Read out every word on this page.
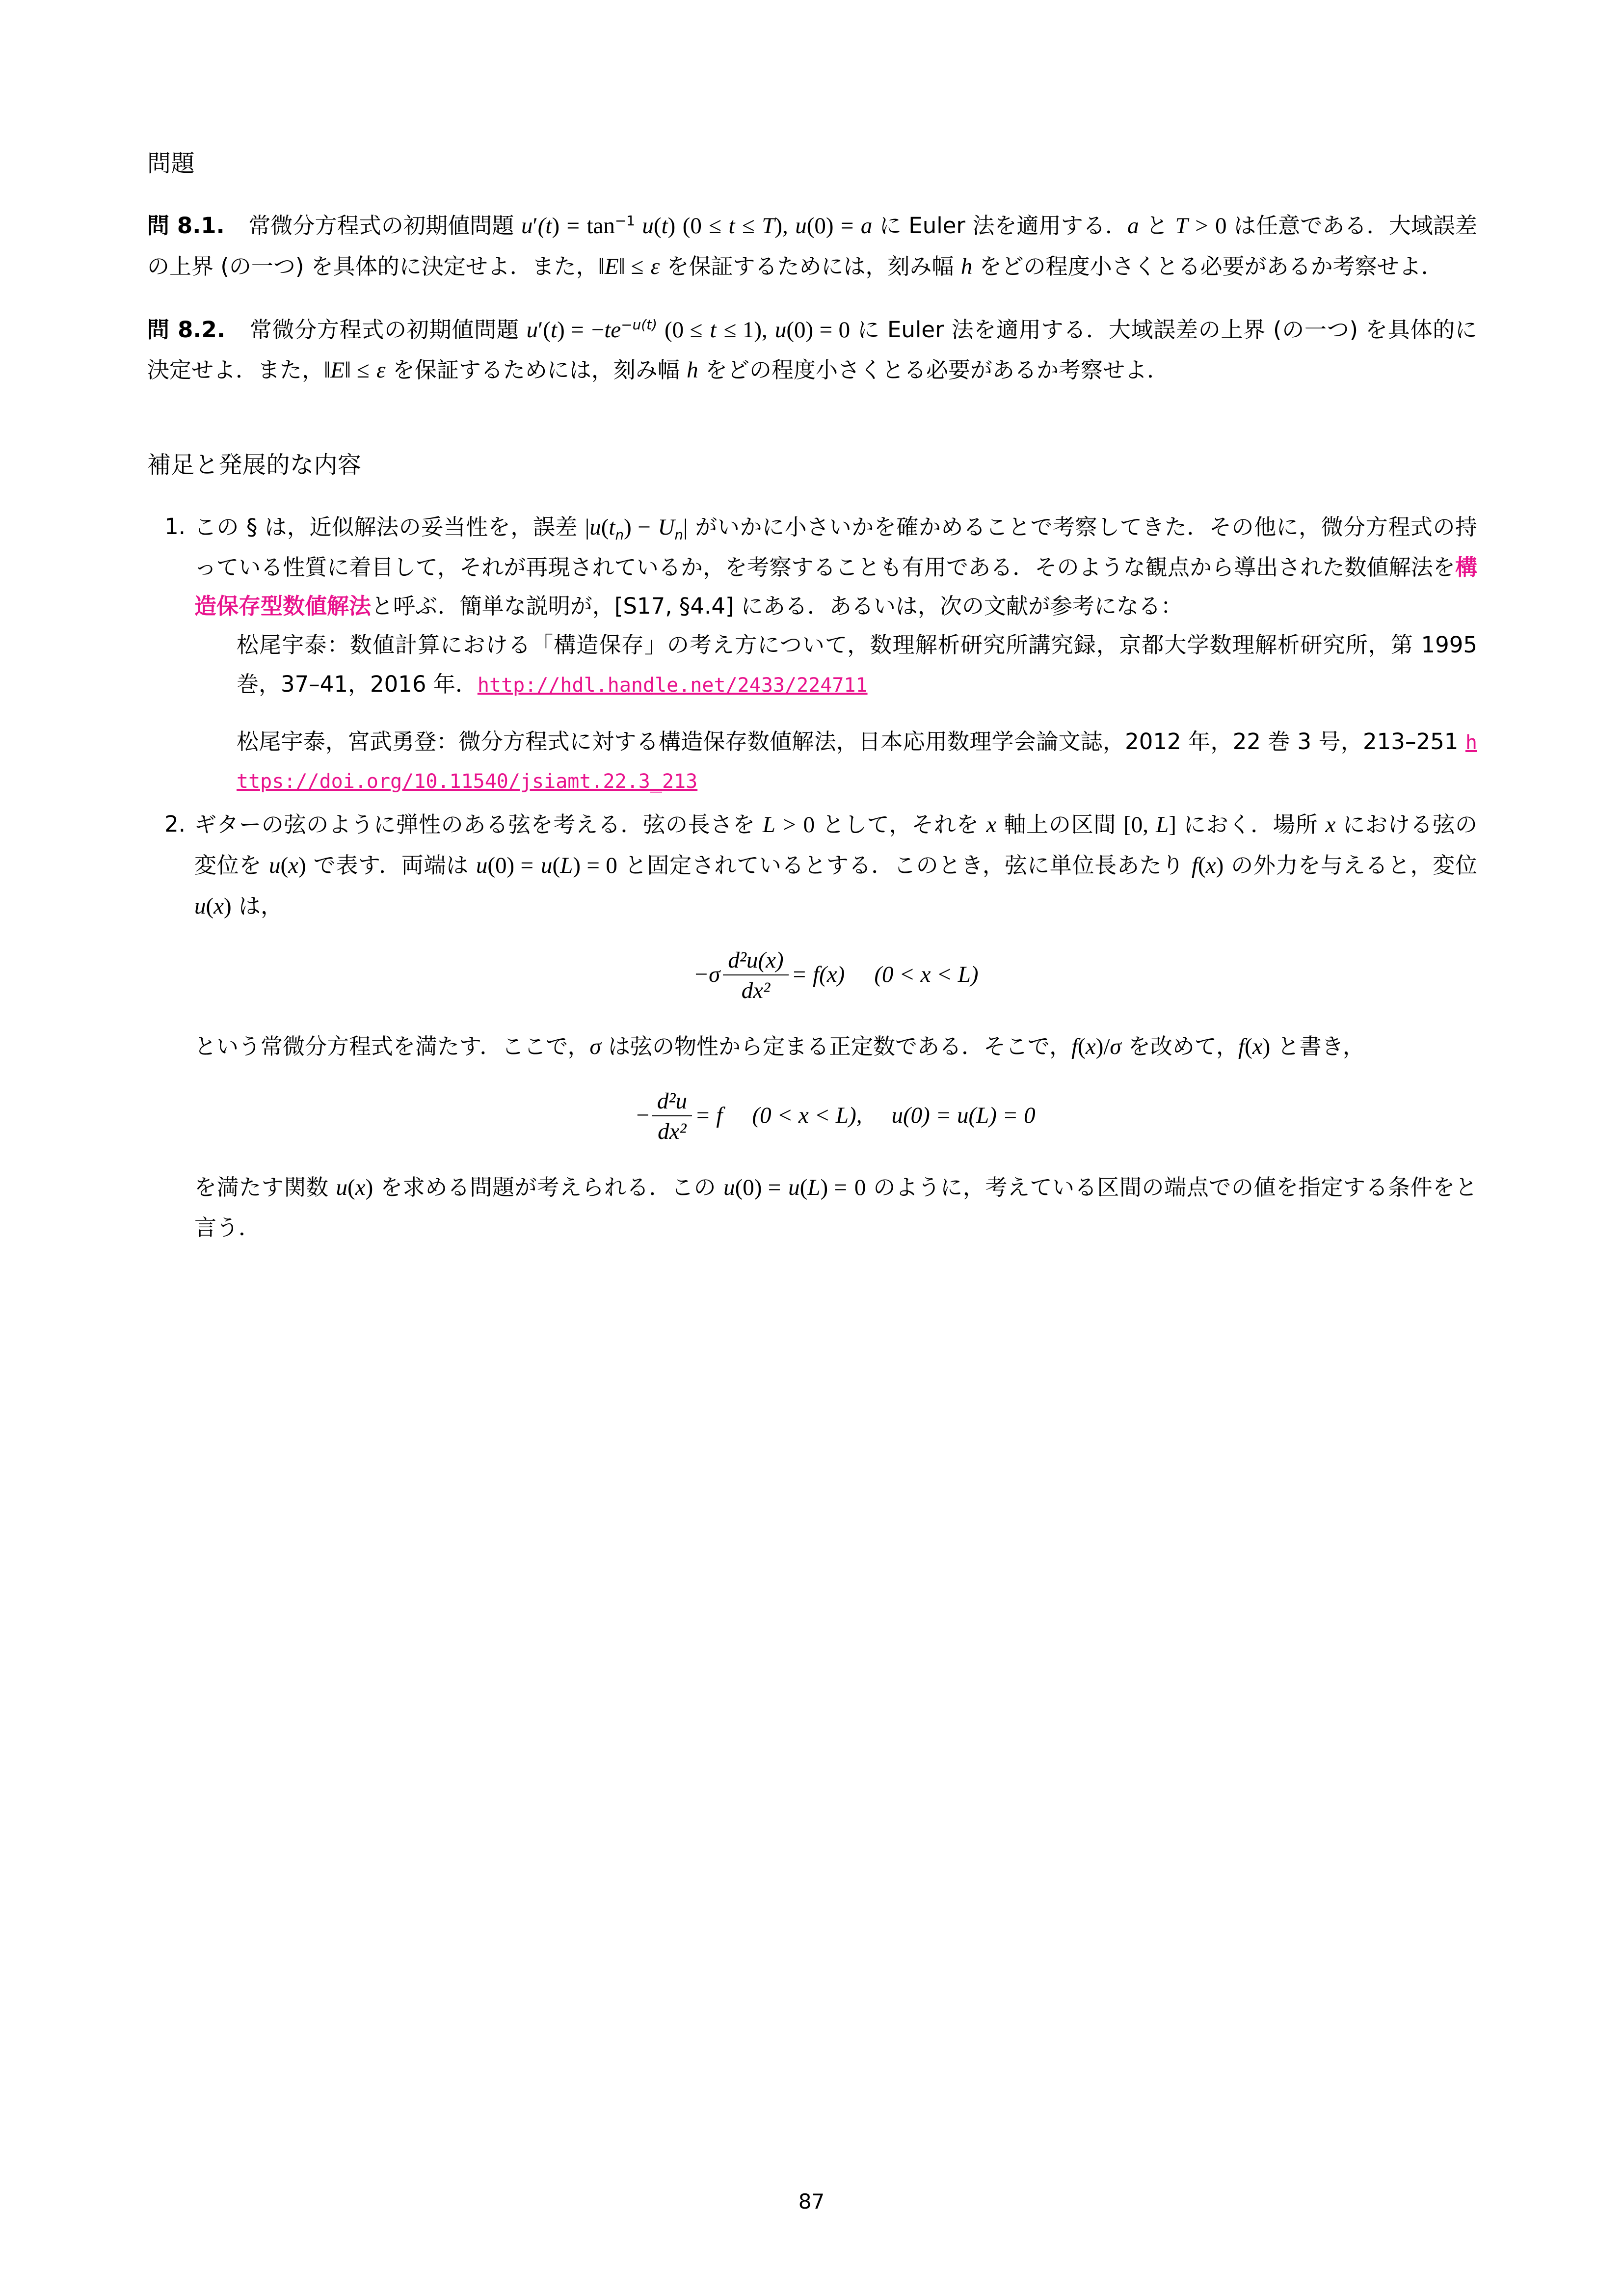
問題

問 8.1. 常微分方程式の初期値問題 $u'(t) = \tan^{-1} u(t) (0 \le t \le T)$, u(0) = a に Euler 法を適用する．a と T > 0 は任意である．大域誤差の上界 (の一つ) を具体的に決定せよ．また，‖E‖ ≤ ε を保証するためには，刻み幅 h をどの程度小さくとる必要があるか考察せよ．

問 8.2. 常微分方程式の初期値問題 $u'(t) = -te^{-u(t)}$ (0 ≤ t ≤ 1), u(0) = 0 に Euler 法を適用する．大域誤差の上界 (の一つ) を具体的に決定せよ．また，‖E‖ ≤ ε を保証するためには，刻み幅 h をどの程度小さくとる必要があるか考察せよ．

補足と発展的な内容
1. この § は，近似解法の妥当性を，誤差 $|u(t_n) - U_n|$ がいかに小さいかを確かめることで考察してきた．その他に，微分方程式の持っている性質に着目して，それが再現されているか，を考察することも有用である．そのような観点から導出された数値解法を構造保存型数値解法と呼ぶ．簡単な説明が，[S17, §4.4] にある．あるいは，次の文献が参考になる：
松尾宇泰：数値計算における「構造保存」の考え方について，数理解析研究所講究録，京都大学数理解析研究所，第 1995 巻，37–41，2016 年．http://hdl.handle.net/2433/224711
松尾宇泰，宮武勇登：微分方程式に対する構造保存数値解法，日本応用数理学会論文誌，2012 年，22 巻 3 号，213–251 https://doi.org/10.11540/jsiamt.22.3_213
2. ギターの弦のように弾性のある弦を考える．弦の長さを L > 0 として，それを x 軸上の区間 [0, L] におく．場所 x における弦の変位を u(x) で表す．両端は u(0) = u(L) = 0 と固定されているとする．このとき，弦に単位長あたり f(x) の外力を与えると，変位 u(x) は，
$-\sigma \frac{\text{d²u(x)}}{\text{dx²}} = f(x) (0 < x < L)$
という常微分方程式を満たす．ここで，σ は弦の物性から定まる正定数である．そこで，f(x)/σ を改めて，f(x) と書き，
− $\frac{\text{d²u}}{\text{dx²}} = f$ (0 < x < L), u(0) = u(L) = 0
を満たす関数 u(x) を求める問題が考えられる．この u(0) = u(L) = 0 のように，考えている区間の端点での値を指定する条件をと言う．
87
